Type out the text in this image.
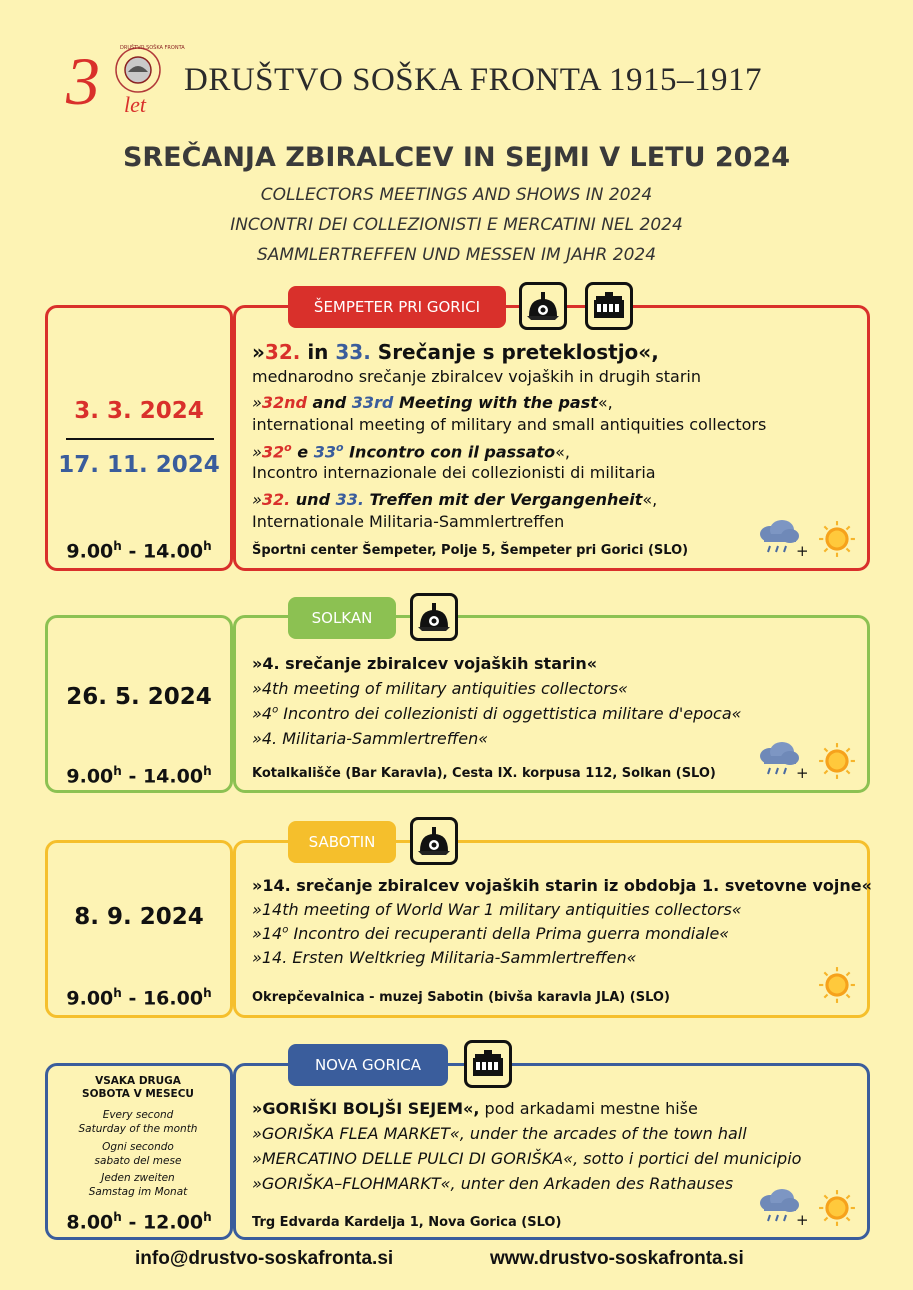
3 let
DRUŠTVO SOŠKA FRONTA
DRUŠTVO SOŠKA FRONTA 1915–1917
SREČANJA ZBIRALCEV IN SEJMI V LETU 2024
COLLECTORS MEETINGS AND SHOWS IN 2024
INCONTRI DEI COLLEZIONISTI E MERCATINI NEL 2024
SAMMLERTREFFEN UND MESSEN IM JAHR 2024
ŠEMPETER PRI GORICI
3. 3. 2024
17. 11. 2024
9.00$^h$ - 14.00$^h$
»32. in 33. Srečanje s preteklostjo«,
mednarodno srečanje zbiralcev vojaških in drugih starin
»32nd and 33rd Meeting with the past«,
international meeting of military and small antiquities collectors
»32$^o$ e 33$^o$ Incontro con il passato«,
Incontro internazionale dei collezionisti di militaria
»32. und 33. Treffen mit der Vergangenheit«,
Internationale Militaria-Sammlertreffen
Športni center Šempeter, Polje 5, Šempeter pri Gorici (SLO)	+
SOLKAN
26. 5. 2024
9.00$^h$ - 14.00$^h$
»4. srečanje zbiralcev vojaških starin«
»4th meeting of military antiquities collectors«
»4$^o$ Incontro dei collezionisti di oggettistica militare d'epoca«
»4. Militaria-Sammlertreffen«
Kotalkališče (Bar Karavla), Cesta IX. korpusa 112, Solkan (SLO)	+
SABOTIN
8. 9. 2024
9.00$^h$ - 16.00$^h$
»14. srečanje zbiralcev vojaških starin iz obdobja 1. svetovne vojne«
»14th meeting of World War 1 military antiquities collectors«
»14$^o$ Incontro dei recuperanti della Prima guerra mondiale«
»14. Ersten Weltkrieg Militaria-Sammlertreffen«
Okrepčevalnica - muzej Sabotin (bivša karavla JLA) (SLO)
NOVA GORICA
VSAKA DRUGA
SOBOTA V MESECU
Every second
Saturday of the month
Ogni secondo
sabato del mese
Jeden zweiten
Samstag im Monat
8.00$^h$ - 12.00$^h$
»GORIŠKI BOLJŠI SEJEM«, pod arkadami mestne hiše
»GORIŠKA FLEA MARKET«, under the arcades of the town hall
»MERCATINO DELLE PULCI DI GORIŠKA«, sotto i portici del municipio
»GORIŠKA–FLOHMARKT«, unter den Arkaden des Rathauses
Trg Edvarda Kardelja 1, Nova Gorica (SLO)	+
info@drustvo-soskafronta.si	www.drustvo-soskafronta.si
